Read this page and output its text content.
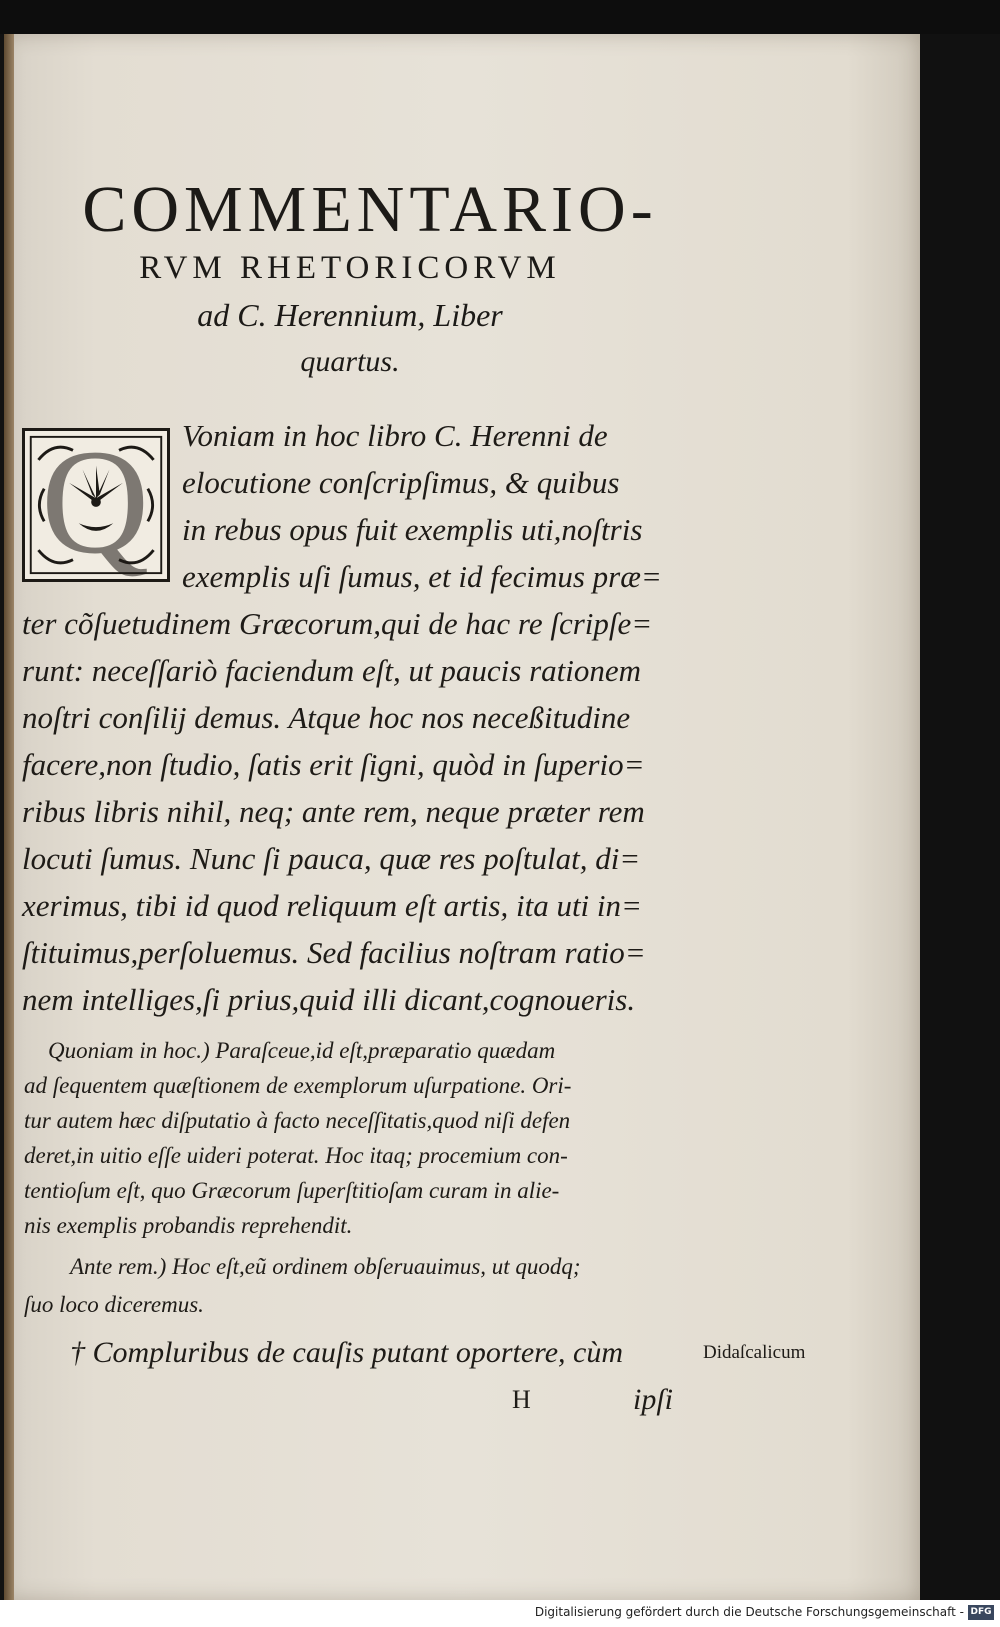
COMMENTARIO-
RVM RHETORICORVM
ad C. Herennium, Liber
quartus.
Q Voniam in hoc libro C. Herenni de

elocutione conſcripſimus, & quibus

in rebus opus fuit exemplis uti,noſtris

exemplis uſi ſumus, et id fecimus præ=

ter cõſuetudinem Græcorum,qui de hac re ſcripſe=

runt: neceſſariò faciendum eſt, ut paucis rationem

noſtri conſilij demus. Atque hoc nos neceßitudine

facere,non ſtudio, ſatis erit ſigni, quòd in ſuperio=

ribus libris nihil, neq; ante rem, neque præter rem

locuti ſumus. Nunc ſi pauca, quæ res poſtulat, di=

xerimus, tibi id quod reliquum eſt artis, ita uti in=

ſtituimus,perſoluemus. Sed facilius noſtram ratio=

nem intelliges,ſi prius,quid illi dicant,cognoueris.

Quoniam in hoc.) Paraſceue,id eſt,præparatio quædam

ad ſequentem quæſtionem de exemplorum uſurpatione. Ori-

tur autem hæc diſputatio à facto neceſſitatis,quod niſi defen

deret,in uitio eſſe uideri poterat. Hoc itaq; procemium con-

tentioſum eſt, quo Græcorum ſuperſtitioſam curam in alie-

nis exemplis probandis reprehendit.

Ante rem.) Hoc eſt,eũ ordinem obſeruauimus, ut quodq;

ſuo loco diceremus.

† Compluribus de cauſis putant oportere, cùm	Didaſcalicum
H	ipſi
Digitalisierung gefördert durch die Deutsche Forschungsgemeinschaft - DFG
